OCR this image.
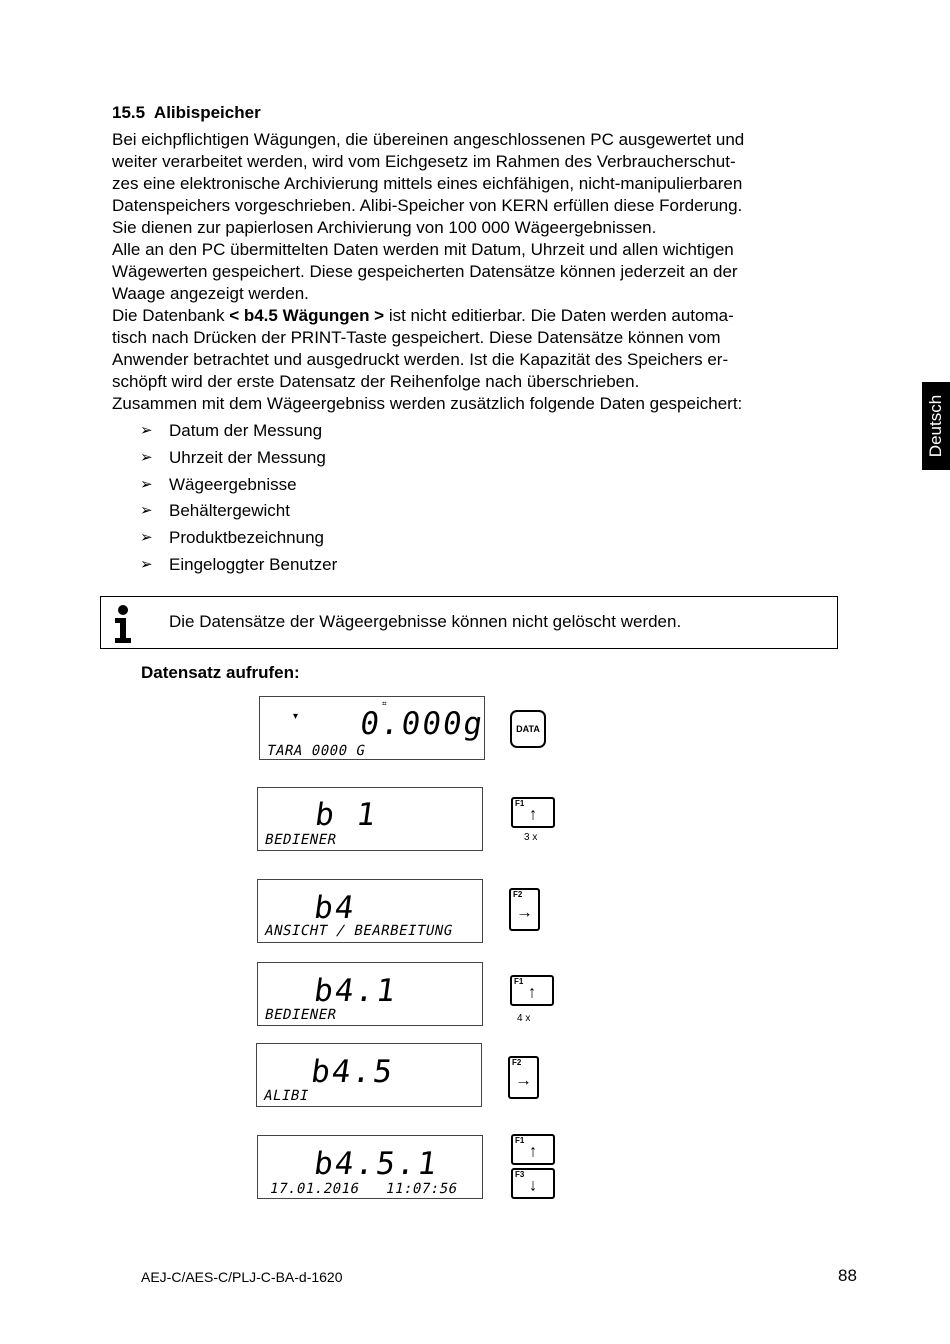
15.5 Alibispeicher

Bei eichpflichtigen Wägungen, die übereinen angeschlossenen PC ausgewertet und
weiter verarbeitet werden, wird vom Eichgesetz im Rahmen des Verbraucherschut-
zes eine elektronische Archivierung mittels eines eichfähigen, nicht-manipulierbaren
Datenspeichers vorgeschrieben. Alibi-Speicher von KERN erfüllen diese Forderung.
Sie dienen zur papierlosen Archivierung von 100 000 Wägeergebnissen.

Alle an den PC übermittelten Daten werden mit Datum, Uhrzeit und allen wichtigen
Wägewerten gespeichert. Diese gespeicherten Datensätze können jederzeit an der
Waage angezeigt werden.

Die Datenbank < b4.5 Wägungen > ist nicht editierbar. Die Daten werden automa-
tisch nach Drücken der PRINT-Taste gespeichert. Diese Datensätze können vom
Anwender betrachtet und ausgedruckt werden. Ist die Kapazität des Speichers er-
schöpft wird der erste Datensatz der Reihenfolge nach überschrieben.

Zusammen mit dem Wägeergebniss werden zusätzlich folgende Daten gespeichert:

➢ Datum der Messung
➢ Uhrzeit der Messung
➢ Wägeergebnisse
➢ Behältergewicht
➢ Produktbezeichnung
➢ Eingeloggter Benutzer
Deutsch
Die Datensätze der Wägeergebnisse können nicht gelöscht werden.
Datensatz aufrufen:
⌗
▾ 0.000g
TARA 0000 G
DATA
b 1
BEDIENER
F1
↑
3 x
b4
ANSICHT / BEARBEITUNG
F2
→
b4.1
BEDIENER
F1
↑
4 x
b4.5
ALIBI
F2
→
b4.5.1
17.01.2016 11:07:56
F1
↑
F3
↓
AEJ-C/AES-C/PLJ-C-BA-d-1620	88
